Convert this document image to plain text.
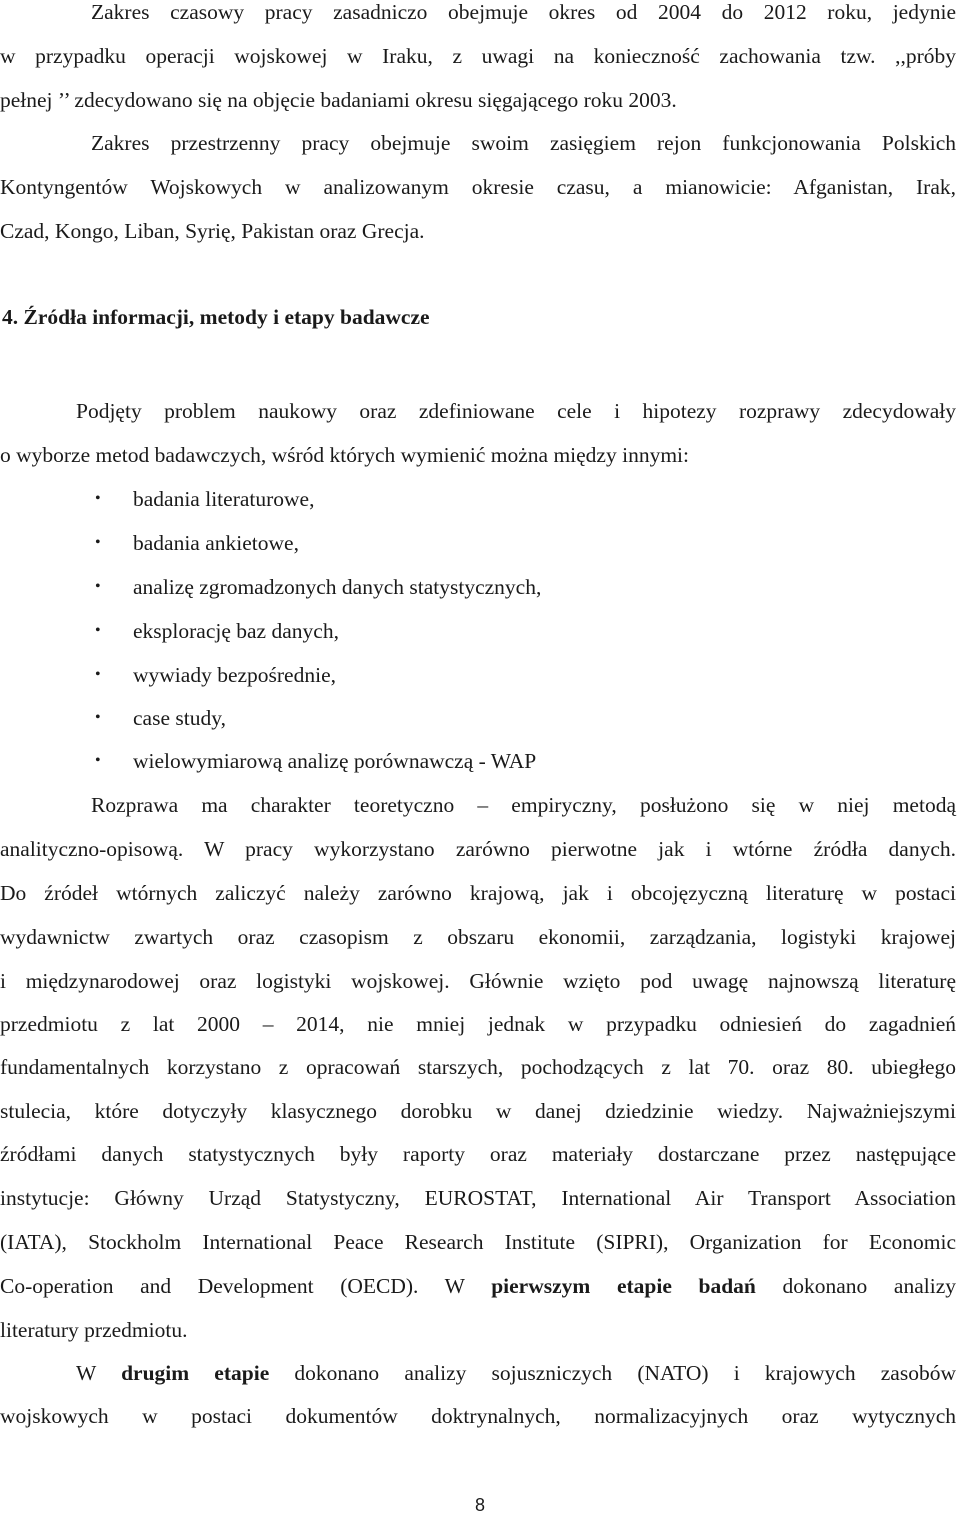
Zakres czasowy pracy zasadniczo obejmuje okres od 2004 do 2012 roku, jedynie
w przypadku operacji wojskowej w Iraku, z uwagi na konieczność zachowania tzw. ,,próby
pełnej ’’ zdecydowano się na objęcie badaniami okresu sięgającego roku 2003.
Zakres przestrzenny pracy obejmuje swoim zasięgiem rejon funkcjonowania Polskich
Kontyngentów Wojskowych w analizowanym okresie czasu, a mianowicie: Afganistan, Irak,
Czad, Kongo, Liban, Syrię, Pakistan oraz Grecja.
4. Źródła informacji, metody i etapy badawcze
Podjęty problem naukowy oraz zdefiniowane cele i hipotezy rozprawy zdecydowały
o wyborze metod badawczych, wśród których wymienić można między innymi:
• badania literaturowe,
• badania ankietowe,
• analizę zgromadzonych danych statystycznych,
• eksplorację baz danych,
• wywiady bezpośrednie,
• case study,
• wielowymiarową analizę porównawczą - WAP
Rozprawa ma charakter teoretyczno – empiryczny, posłużono się w niej metodą
analityczno-opisową. W pracy wykorzystano zarówno pierwotne jak i wtórne źródła danych.
Do źródeł wtórnych zaliczyć należy zarówno krajową, jak i obcojęzyczną literaturę w postaci
wydawnictw zwartych oraz czasopism z obszaru ekonomii, zarządzania, logistyki krajowej
i międzynarodowej oraz logistyki wojskowej. Głównie wzięto pod uwagę najnowszą literaturę
przedmiotu z lat 2000 – 2014, nie mniej jednak w przypadku odniesień do zagadnień
fundamentalnych korzystano z opracowań starszych, pochodzących z lat 70. oraz 80. ubiegłego
stulecia, które dotyczyły klasycznego dorobku w danej dziedzinie wiedzy. Najważniejszymi
źródłami danych statystycznych były raporty oraz materiały dostarczane przez następujące
instytucje: Główny Urząd Statystyczny, EUROSTAT, International Air Transport Association
(IATA), Stockholm International Peace Research Institute (SIPRI), Organization for Economic
Co-operation and Development (OECD). W pierwszym etapie badań dokonano analizy
literatury przedmiotu.
W drugim etapie dokonano analizy sojuszniczych (NATO) i krajowych zasobów
wojskowych w postaci dokumentów doktrynalnych, normalizacyjnych oraz wytycznych
8
